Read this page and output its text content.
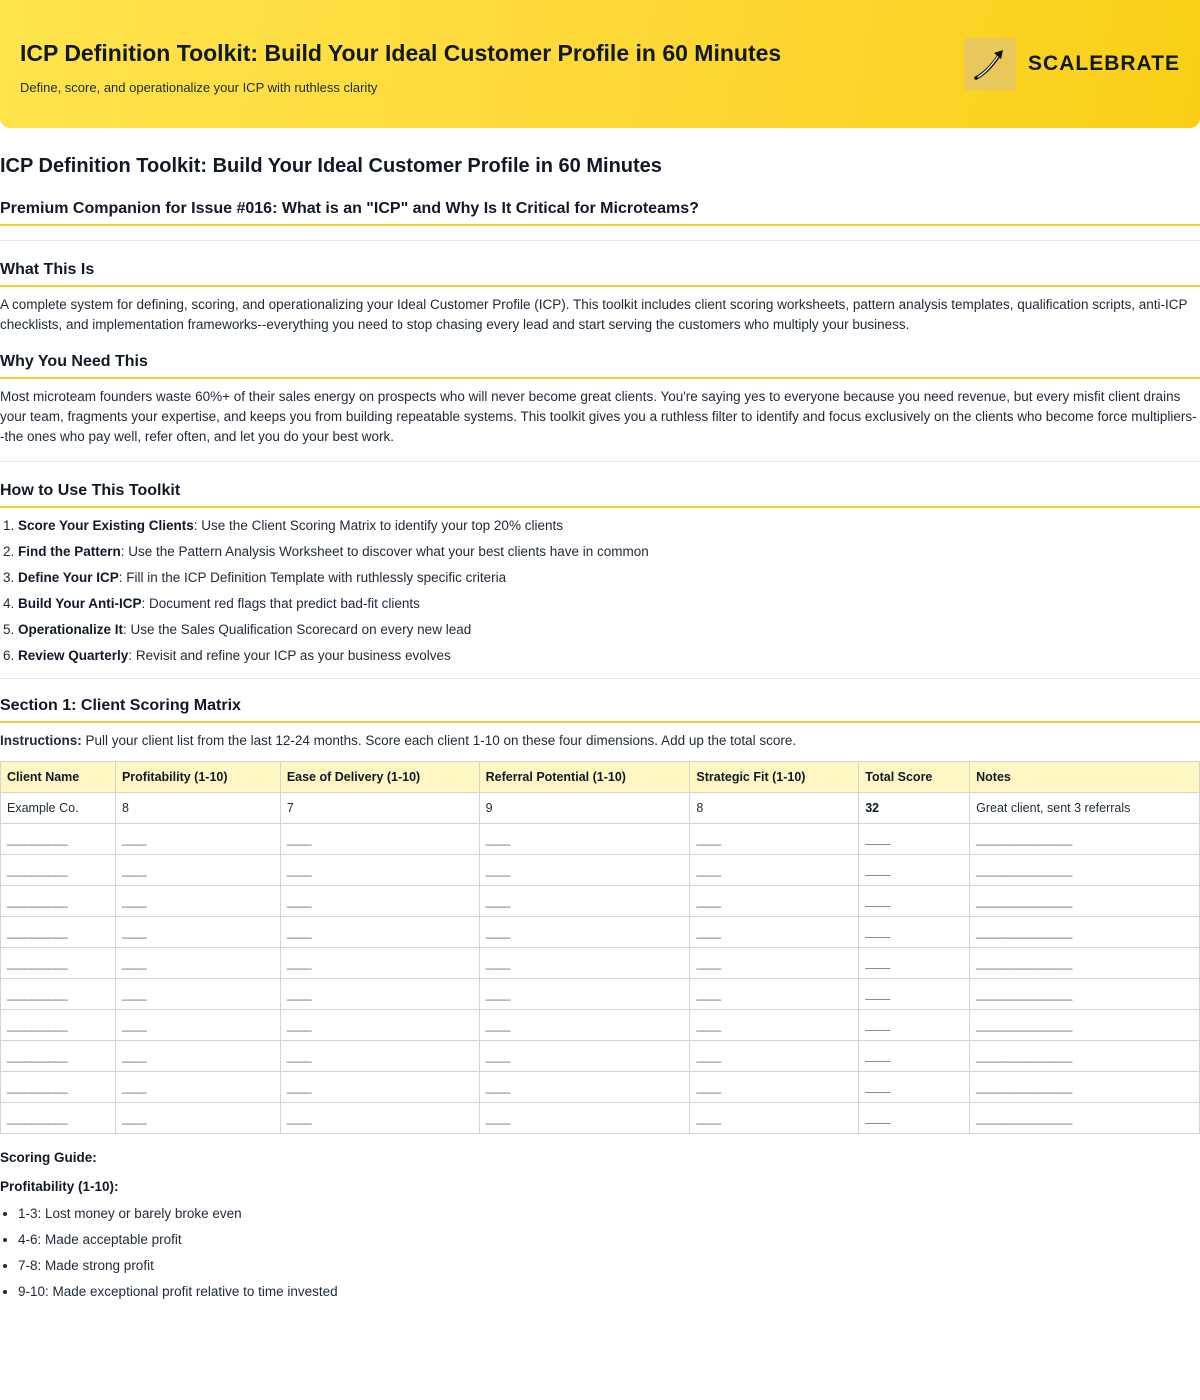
ICP Definition Toolkit: Build Your Ideal Customer Profile in 60 Minutes

Define, score, and operationalize your ICP with ruthless clarity

SCALEBRATE
ICP Definition Toolkit: Build Your Ideal Customer Profile in 60 Minutes
Premium Companion for Issue #016: What is an "ICP" and Why Is It Critical for Microteams?
What This Is

A complete system for defining, scoring, and operationalizing your Ideal Customer Profile (ICP). This toolkit includes client scoring worksheets, pattern analysis templates, qualification scripts, anti-ICP checklists, and implementation frameworks--everything you need to stop chasing every lead and start serving the customers who multiply your business.

Why You Need This

Most microteam founders waste 60%+ of their sales energy on prospects who will never become great clients. You're saying yes to everyone because you need revenue, but every misfit client drains your team, fragments your expertise, and keeps you from building repeatable systems. This toolkit gives you a ruthless filter to identify and focus exclusively on the clients who become force multipliers--the ones who pay well, refer often, and let you do your best work.

How to Use This Toolkit
1. Score Your Existing Clients: Use the Client Scoring Matrix to identify your top 20% clients
2. Find the Pattern: Use the Pattern Analysis Worksheet to discover what your best clients have in common
3. Define Your ICP: Fill in the ICP Definition Template with ruthlessly specific criteria
4. Build Your Anti-ICP: Document red flags that predict bad-fit clients
5. Operationalize It: Use the Sales Qualification Scorecard on every new lead
6. Review Quarterly: Revisit and refine your ICP as your business evolves
Section 1: Client Scoring Matrix

Instructions: Pull your client list from the last 12-24 months. Score each client 1-10 on these four dimensions. Add up the total score.

Client Name	Profitability (1-10)	Ease of Delivery (1-10)	Referral Potential (1-10)	Strategic Fit (1-10)	Total Score	Notes
Example Co.	8	7	9	8	32	Great client, sent 3 referrals
__________	____	____	____	____	____	________________
__________	____	____	____	____	____	________________
__________	____	____	____	____	____	________________
__________	____	____	____	____	____	________________
__________	____	____	____	____	____	________________
__________	____	____	____	____	____	________________
__________	____	____	____	____	____	________________
__________	____	____	____	____	____	________________
__________	____	____	____	____	____	________________
__________	____	____	____	____	____	________________
Scoring Guide:
Profitability (1-10):
• 1-3: Lost money or barely broke even
• 4-6: Made acceptable profit
• 7-8: Made strong profit
• 9-10: Made exceptional profit relative to time invested
